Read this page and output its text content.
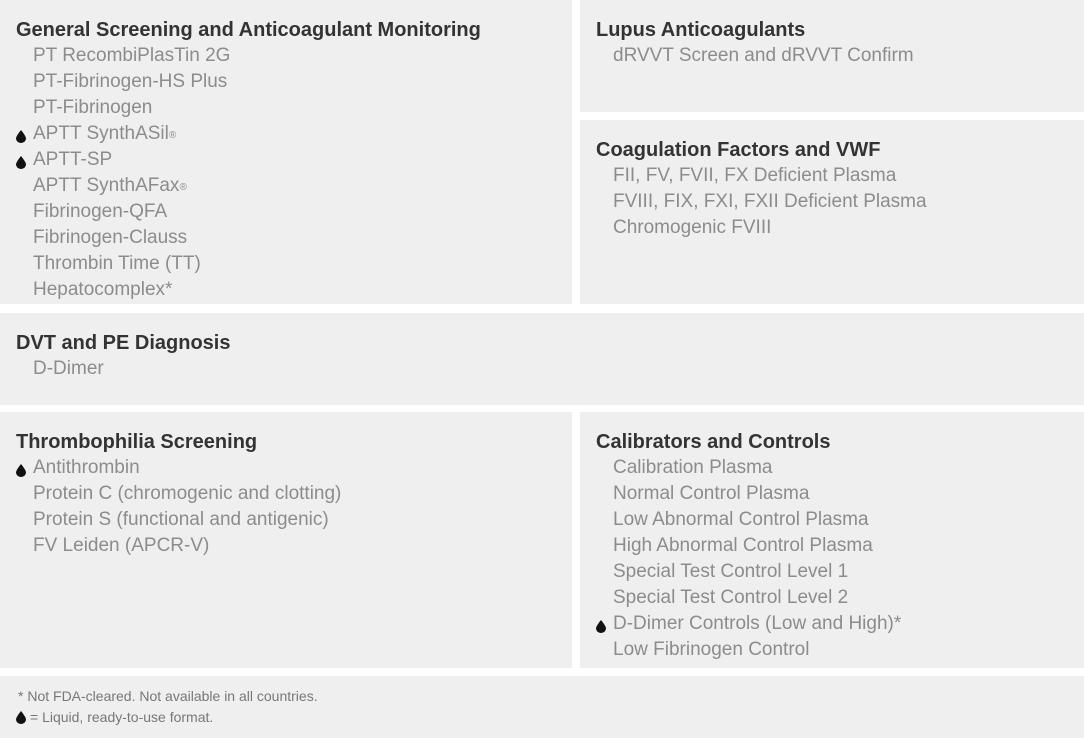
General Screening and Anticoagulant Monitoring
PT RecombiPlasTin 2G
PT-Fibrinogen-HS Plus
PT-Fibrinogen
APTT SynthASil®
APTT-SP
APTT SynthAFax®
Fibrinogen-QFA
Fibrinogen-Clauss
Thrombin Time (TT)
Hepatocomplex*
Lupus Anticoagulants
dRVVT Screen and dRVVT Confirm
Coagulation Factors and VWF
FII, FV, FVII, FX Deficient Plasma
FVIII, FIX, FXI, FXII Deficient Plasma
Chromogenic FVIII
DVT and PE Diagnosis
D-Dimer
Thrombophilia Screening
Antithrombin
Protein C (chromogenic and clotting)
Protein S (functional and antigenic)
FV Leiden (APCR-V)
Calibrators and Controls
Calibration Plasma
Normal Control Plasma
Low Abnormal Control Plasma
High Abnormal Control Plasma
Special Test Control Level 1
Special Test Control Level 2
D-Dimer Controls (Low and High)*
Low Fibrinogen Control
* Not FDA-cleared. Not available in all countries.
= Liquid, ready-to-use format.
